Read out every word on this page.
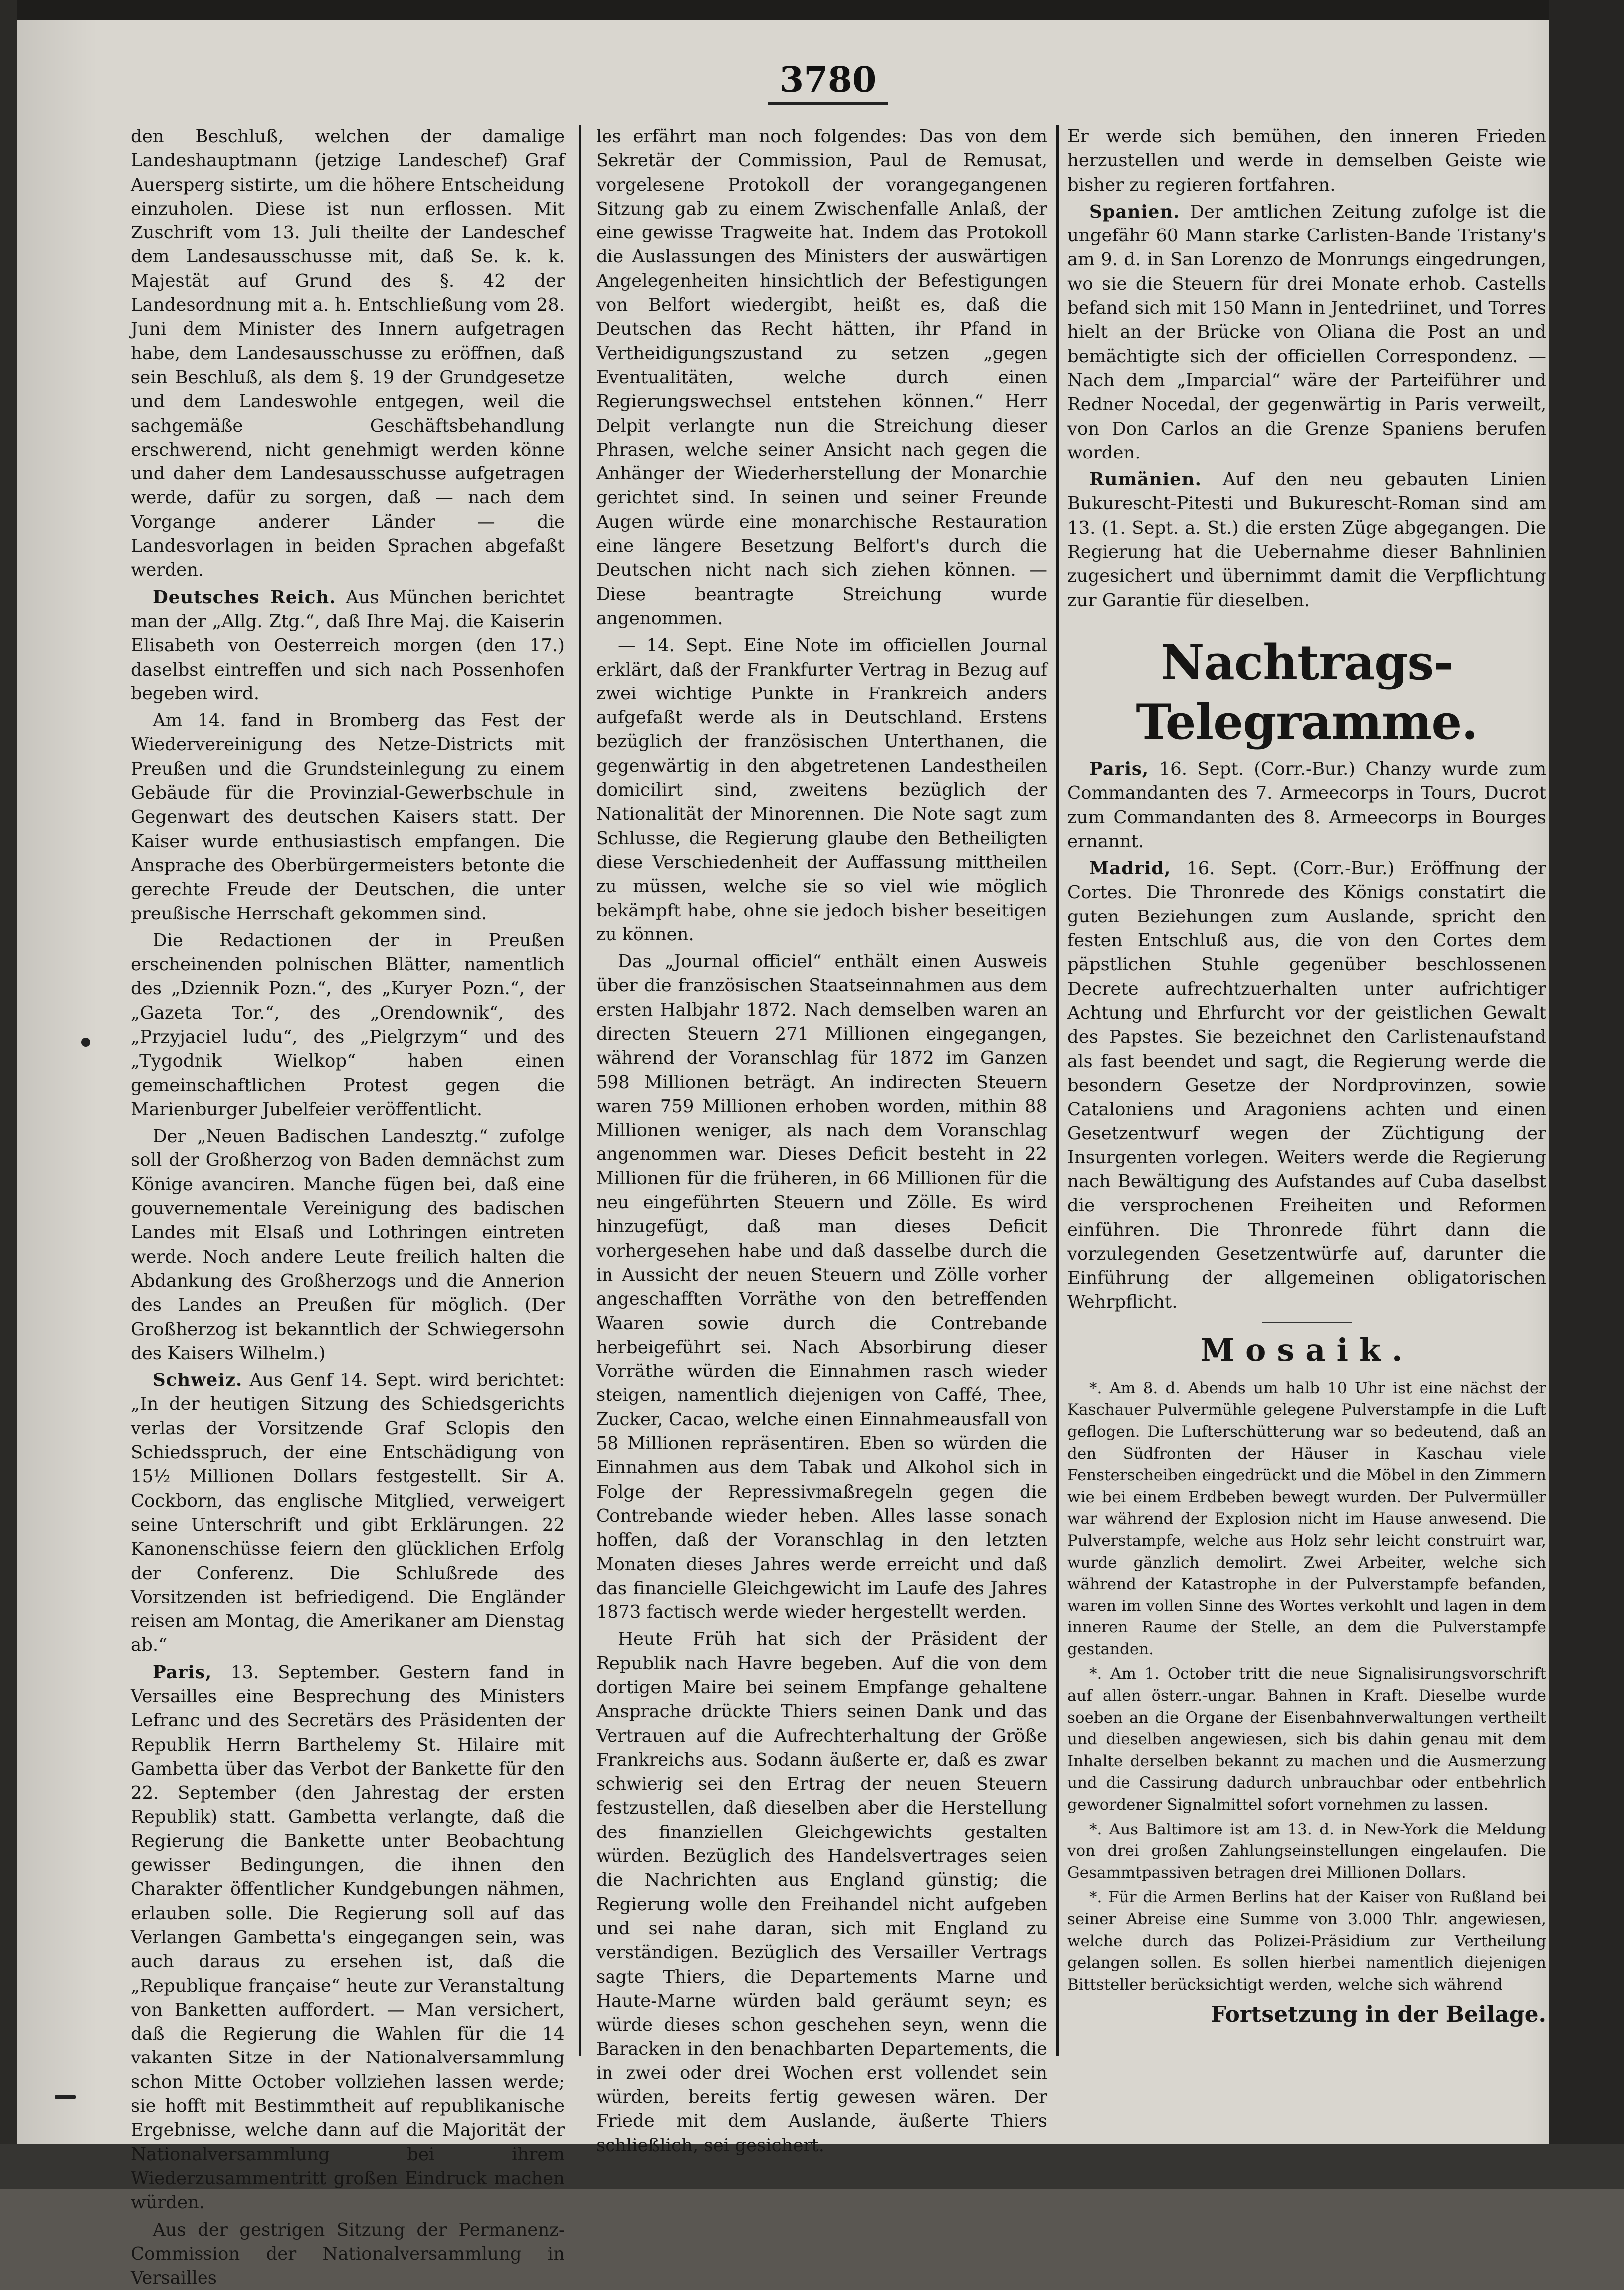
3780

den Beschluß, welchen der damalige Landeshauptmann (jetzige Landeschef) Graf Auersperg sistirte, um die höhere Entscheidung einzuholen. Diese ist nun erflossen. Mit Zuschrift vom 13. Juli theilte der Landeschef dem Landesausschusse mit, daß Se. k. k. Majestät auf Grund des §. 42 der Landesordnung mit a. h. Entschließung vom 28. Juni dem Minister des Innern aufgetragen habe, dem Landesausschusse zu eröffnen, daß sein Beschluß, als dem §. 19 der Grundgesetze und dem Landeswohle entgegen, weil die sachgemäße Geschäftsbehandlung erschwerend, nicht genehmigt werden könne und daher dem Landesausschusse aufgetragen werde, dafür zu sorgen, daß — nach dem Vorgange anderer Länder — die Landesvorlagen in beiden Sprachen abgefaßt werden.

Deutsches Reich. Aus München berichtet man der „Allg. Ztg.“, daß Ihre Maj. die Kaiserin Elisabeth von Oesterreich morgen (den 17.) daselbst eintreffen und sich nach Possenhofen begeben wird.

Am 14. fand in Bromberg das Fest der Wiedervereinigung des Netze-Districts mit Preußen und die Grundsteinlegung zu einem Gebäude für die Provinzial-Gewerbschule in Gegenwart des deutschen Kaisers statt. Der Kaiser wurde enthusiastisch empfangen. Die Ansprache des Oberbürgermeisters betonte die gerechte Freude der Deutschen, die unter preußische Herrschaft gekommen sind.

Die Redactionen der in Preußen erscheinenden polnischen Blätter, namentlich des „Dziennik Pozn.“, des „Kuryer Pozn.“, der „Gazeta Tor.“, des „Orendownik“, des „Przyjaciel ludu“, des „Pielgrzym“ und des „Tygodnik Wielkop“ haben einen gemeinschaftlichen Protest gegen die Marienburger Jubelfeier veröffentlicht.

Der „Neuen Badischen Landesztg.“ zufolge soll der Großherzog von Baden demnächst zum Könige avanciren. Manche fügen bei, daß eine gouvernementale Vereinigung des badischen Landes mit Elsaß und Lothringen eintreten werde. Noch andere Leute freilich halten die Abdankung des Großherzogs und die Annerion des Landes an Preußen für möglich. (Der Großherzog ist bekanntlich der Schwiegersohn des Kaisers Wilhelm.)

Schweiz. Aus Genf 14. Sept. wird berichtet: „In der heutigen Sitzung des Schiedsgerichts verlas der Vorsitzende Graf Sclopis den Schiedsspruch, der eine Entschädigung von 15½ Millionen Dollars festgestellt. Sir A. Cockborn, das englische Mitglied, verweigert seine Unterschrift und gibt Erklärungen. 22 Kanonenschüsse feiern den glücklichen Erfolg der Conferenz. Die Schlußrede des Vorsitzenden ist befriedigend. Die Engländer reisen am Montag, die Amerikaner am Dienstag ab.“

Paris, 13. September. Gestern fand in Versailles eine Besprechung des Ministers Lefranc und des Secretärs des Präsidenten der Republik Herrn Barthelemy St. Hilaire mit Gambetta über das Verbot der Bankette für den 22. September (den Jahrestag der ersten Republik) statt. Gambetta verlangte, daß die Regierung die Bankette unter Beobachtung gewisser Bedingungen, die ihnen den Charakter öffentlicher Kundgebungen nähmen, erlauben solle. Die Regierung soll auf das Verlangen Gambetta's eingegangen sein, was auch daraus zu ersehen ist, daß die „Republique française“ heute zur Veranstaltung von Banketten auffordert. — Man versichert, daß die Regierung die Wahlen für die 14 vakanten Sitze in der Nationalversammlung schon Mitte October vollziehen lassen werde; sie hofft mit Bestimmtheit auf republikanische Ergebnisse, welche dann auf die Majorität der Nationalversammlung bei ihrem Wiederzusammentritt großen Eindruck machen würden.

Aus der gestrigen Sitzung der Permanenz-Commission der Nationalversammlung in Versailles

les erfährt man noch folgendes: Das von dem Sekretär der Commission, Paul de Remusat, vorgelesene Protokoll der vorangegangenen Sitzung gab zu einem Zwischenfalle Anlaß, der eine gewisse Tragweite hat. Indem das Protokoll die Auslassungen des Ministers der auswärtigen Angelegenheiten hinsichtlich der Befestigungen von Belfort wiedergibt, heißt es, daß die Deutschen das Recht hätten, ihr Pfand in Vertheidigungszustand zu setzen „gegen Eventualitäten, welche durch einen Regierungswechsel entstehen können.“ Herr Delpit verlangte nun die Streichung dieser Phrasen, welche seiner Ansicht nach gegen die Anhänger der Wiederherstellung der Monarchie gerichtet sind. In seinen und seiner Freunde Augen würde eine monarchische Restauration eine längere Besetzung Belfort's durch die Deutschen nicht nach sich ziehen können. — Diese beantragte Streichung wurde angenommen.

— 14. Sept. Eine Note im officiellen Journal erklärt, daß der Frankfurter Vertrag in Bezug auf zwei wichtige Punkte in Frankreich anders aufgefaßt werde als in Deutschland. Erstens bezüglich der französischen Unterthanen, die gegenwärtig in den abgetretenen Landestheilen domicilirt sind, zweitens bezüglich der Nationalität der Minorennen. Die Note sagt zum Schlusse, die Regierung glaube den Betheiligten diese Verschiedenheit der Auffassung mittheilen zu müssen, welche sie so viel wie möglich bekämpft habe, ohne sie jedoch bisher beseitigen zu können.

Das „Journal officiel“ enthält einen Ausweis über die französischen Staatseinnahmen aus dem ersten Halbjahr 1872. Nach demselben waren an directen Steuern 271 Millionen eingegangen, während der Voranschlag für 1872 im Ganzen 598 Millionen beträgt. An indirecten Steuern waren 759 Millionen erhoben worden, mithin 88 Millionen weniger, als nach dem Voranschlag angenommen war. Dieses Deficit besteht in 22 Millionen für die früheren, in 66 Millionen für die neu eingeführten Steuern und Zölle. Es wird hinzugefügt, daß man dieses Deficit vorhergesehen habe und daß dasselbe durch die in Aussicht der neuen Steuern und Zölle vorher angeschafften Vorräthe von den betreffenden Waaren sowie durch die Contrebande herbeigeführt sei. Nach Absorbirung dieser Vorräthe würden die Einnahmen rasch wieder steigen, namentlich diejenigen von Caffé, Thee, Zucker, Cacao, welche einen Einnahmeausfall von 58 Millionen repräsentiren. Eben so würden die Einnahmen aus dem Tabak und Alkohol sich in Folge der Repressivmaßregeln gegen die Contrebande wieder heben. Alles lasse sonach hoffen, daß der Voranschlag in den letzten Monaten dieses Jahres werde erreicht und daß das financielle Gleichgewicht im Laufe des Jahres 1873 factisch werde wieder hergestellt werden.

Heute Früh hat sich der Präsident der Republik nach Havre begeben. Auf die von dem dortigen Maire bei seinem Empfange gehaltene Ansprache drückte Thiers seinen Dank und das Vertrauen auf die Aufrechterhaltung der Größe Frankreichs aus. Sodann äußerte er, daß es zwar schwierig sei den Ertrag der neuen Steuern festzustellen, daß dieselben aber die Herstellung des finanziellen Gleichgewichts gestalten würden. Bezüglich des Handelsvertrages seien die Nachrichten aus England günstig; die Regierung wolle den Freihandel nicht aufgeben und sei nahe daran, sich mit England zu verständigen. Bezüglich des Versailler Vertrags sagte Thiers, die Departements Marne und Haute-Marne würden bald geräumt seyn; es würde dieses schon geschehen seyn, wenn die Baracken in den benachbarten Departements, die in zwei oder drei Wochen erst vollendet sein würden, bereits fertig gewesen wären. Der Friede mit dem Auslande, äußerte Thiers schließlich, sei gesichert.

Er werde sich bemühen, den inneren Frieden herzustellen und werde in demselben Geiste wie bisher zu regieren fortfahren.

Spanien. Der amtlichen Zeitung zufolge ist die ungefähr 60 Mann starke Carlisten-Bande Tristany's am 9. d. in San Lorenzo de Monrungs eingedrungen, wo sie die Steuern für drei Monate erhob. Castells befand sich mit 150 Mann in Jentedriinet, und Torres hielt an der Brücke von Oliana die Post an und bemächtigte sich der officiellen Correspondenz. — Nach dem „Imparcial“ wäre der Parteiführer und Redner Nocedal, der gegenwärtig in Paris verweilt, von Don Carlos an die Grenze Spaniens berufen worden.

Rumänien. Auf den neu gebauten Linien Bukurescht-Pitesti und Bukurescht-Roman sind am 13. (1. Sept. a. St.) die ersten Züge abgegangen. Die Regierung hat die Uebernahme dieser Bahnlinien zugesichert und übernimmt damit die Verpflichtung zur Garantie für dieselben.

Nachtrags-Telegramme.

Paris, 16. Sept. (Corr.-Bur.) Chanzy wurde zum Commandanten des 7. Armeecorps in Tours, Ducrot zum Commandanten des 8. Armeecorps in Bourges ernannt.

Madrid, 16. Sept. (Corr.-Bur.) Eröffnung der Cortes. Die Thronrede des Königs constatirt die guten Beziehungen zum Auslande, spricht den festen Entschluß aus, die von den Cortes dem päpstlichen Stuhle gegenüber beschlossenen Decrete aufrechtzuerhalten unter aufrichtiger Achtung und Ehrfurcht vor der geistlichen Gewalt des Papstes. Sie bezeichnet den Carlistenaufstand als fast beendet und sagt, die Regierung werde die besondern Gesetze der Nordprovinzen, sowie Cataloniens und Aragoniens achten und einen Gesetzentwurf wegen der Züchtigung der Insurgenten vorlegen. Weiters werde die Regierung nach Bewältigung des Aufstandes auf Cuba daselbst die versprochenen Freiheiten und Reformen einführen. Die Thronrede führt dann die vorzulegenden Gesetzentwürfe auf, darunter die Einführung der allgemeinen obligatorischen Wehrpflicht.

Mosaik.

*. Am 8. d. Abends um halb 10 Uhr ist eine nächst der Kaschauer Pulvermühle gelegene Pulverstampfe in die Luft geflogen. Die Lufterschütterung war so bedeutend, daß an den Südfronten der Häuser in Kaschau viele Fensterscheiben eingedrückt und die Möbel in den Zimmern wie bei einem Erdbeben bewegt wurden. Der Pulvermüller war während der Explosion nicht im Hause anwesend. Die Pulverstampfe, welche aus Holz sehr leicht construirt war, wurde gänzlich demolirt. Zwei Arbeiter, welche sich während der Katastrophe in der Pulverstampfe befanden, waren im vollen Sinne des Wortes verkohlt und lagen in dem inneren Raume der Stelle, an dem die Pulverstampfe gestanden.

*. Am 1. October tritt die neue Signalisirungsvorschrift auf allen österr.-ungar. Bahnen in Kraft. Dieselbe wurde soeben an die Organe der Eisenbahnverwaltungen vertheilt und dieselben angewiesen, sich bis dahin genau mit dem Inhalte derselben bekannt zu machen und die Ausmerzung und die Cassirung dadurch unbrauchbar oder entbehrlich gewordener Signalmittel sofort vornehmen zu lassen.

*. Aus Baltimore ist am 13. d. in New-York die Meldung von drei großen Zahlungseinstellungen eingelaufen. Die Gesammtpassiven betragen drei Millionen Dollars.

*. Für die Armen Berlins hat der Kaiser von Rußland bei seiner Abreise eine Summe von 3.000 Thlr. angewiesen, welche durch das Polizei-Präsidium zur Vertheilung gelangen sollen. Es sollen hierbei namentlich diejenigen Bittsteller berücksichtigt werden, welche sich während

Fortsetzung in der Beilage.
